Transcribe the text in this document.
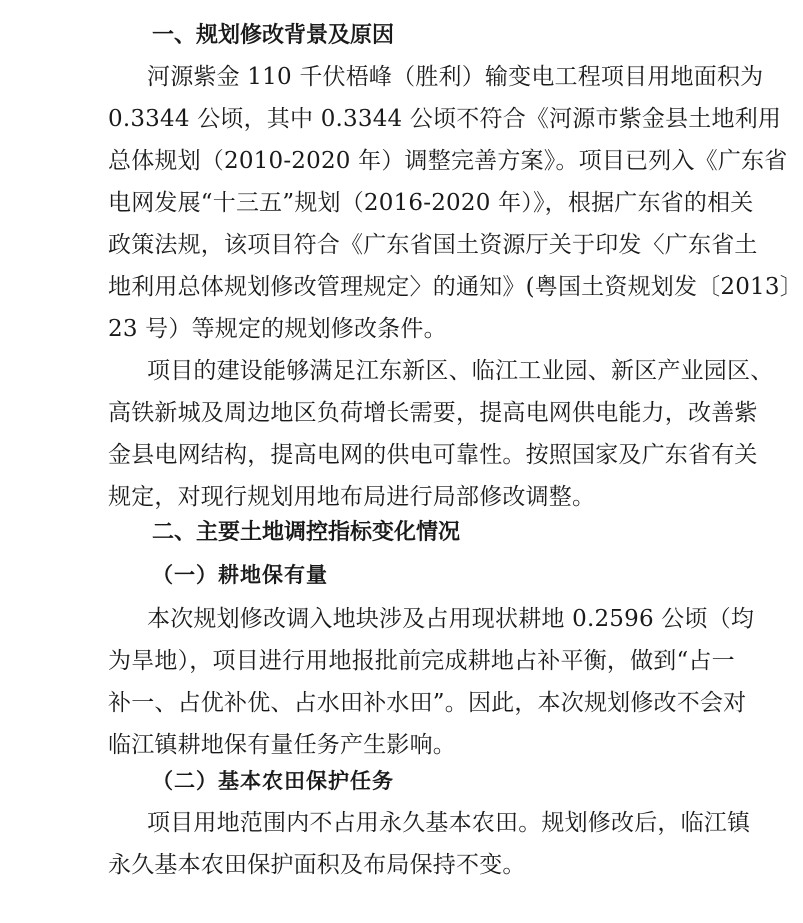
一、规划修改背景及原因
河源紫金 110 千伏梧峰（胜利）输变电工程项目用地面积为
0.3344 公顷，其中 0.3344 公顷不符合《河源市紫金县土地利用
总体规划（2010-2020 年）调整完善方案》。项目已列入《广东省
电网发展“十三五”规划（2016-2020 年）》，根据广东省的相关
政策法规，该项目符合《广东省国土资源厅关于印发〈广东省土
地利用总体规划修改管理规定〉的通知》(粤国土资规划发〔2013〕
23 号）等规定的规划修改条件。
项目的建设能够满足江东新区、临江工业园、新区产业园区、
高铁新城及周边地区负荷增长需要，提高电网供电能力，改善紫
金县电网结构，提高电网的供电可靠性。按照国家及广东省有关
规定，对现行规划用地布局进行局部修改调整。
二、主要土地调控指标变化情况
（一）耕地保有量
本次规划修改调入地块涉及占用现状耕地 0.2596 公顷（均
为旱地），项目进行用地报批前完成耕地占补平衡，做到“占一
补一、占优补优、占水田补水田”。因此，本次规划修改不会对
临江镇耕地保有量任务产生影响。
（二）基本农田保护任务
项目用地范围内不占用永久基本农田。规划修改后，临江镇
永久基本农田保护面积及布局保持不变。
